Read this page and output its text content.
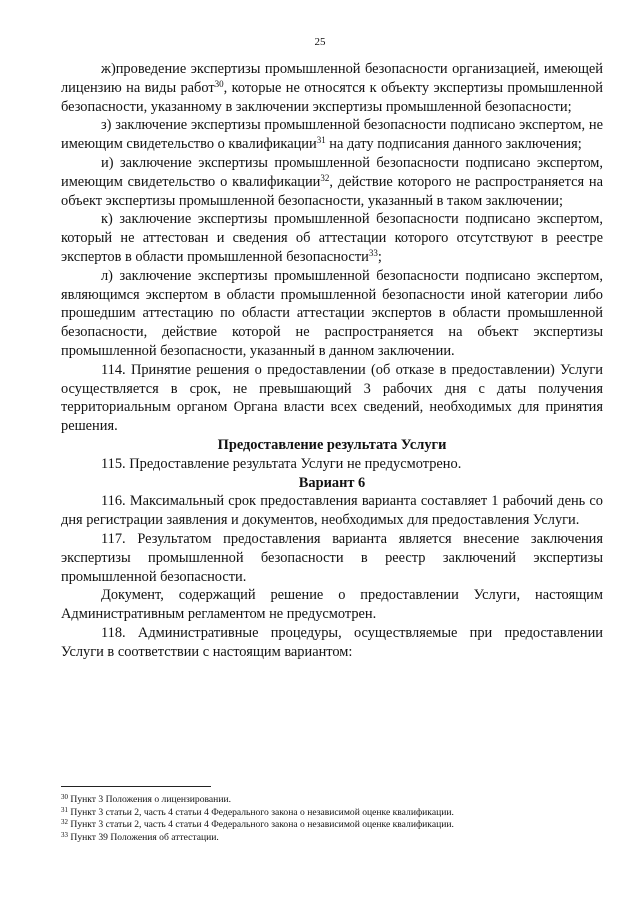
25

ж)проведение экспертизы промышленной безопасности организацией, имеющей лицензию на виды работ$^{30}$, которые не относятся к объекту экспертизы промышленной безопасности, указанному в заключении экспертизы промышленной безопасности;

з) заключение экспертизы промышленной безопасности подписано экспертом, не имеющим свидетельство о квалификации$^{31}$ на дату подписания данного заключения;

и) заключение экспертизы промышленной безопасности подписано экспертом, имеющим свидетельство о квалификации$^{32}$, действие которого не распространяется на объект экспертизы промышленной безопасности, указанный в таком заключении;

к) заключение экспертизы промышленной безопасности подписано экспертом, который не аттестован и сведения об аттестации которого отсутствуют в реестре экспертов в области промышленной безопасности$^{33}$;

л) заключение экспертизы промышленной безопасности подписано экспертом, являющимся экспертом в области промышленной безопасности иной категории либо прошедшим аттестацию по области аттестации экспертов в области промышленной безопасности, действие которой не распространяется на объект экспертизы промышленной безопасности, указанный в данном заключении.

114. Принятие решения о предоставлении (об отказе в предоставлении) Услуги осуществляется в срок, не превышающий 3 рабочих дня с даты получения территориальным органом Органа власти всех сведений, необходимых для принятия решения.

Предоставление результата Услуги

115. Предоставление результата Услуги не предусмотрено.

Вариант 6

116. Максимальный срок предоставления варианта составляет 1 рабочий день со дня регистрации заявления и документов, необходимых для предоставления Услуги.

117. Результатом предоставления варианта является внесение заключения экспертизы промышленной безопасности в реестр заключений экспертизы промышленной безопасности.

Документ, содержащий решение о предоставлении Услуги, настоящим Административным регламентом не предусмотрен.

118. Административные процедуры, осуществляемые при предоставлении Услуги в соответствии с настоящим вариантом:

$^{30}$ Пункт 3 Положения о лицензировании.
$^{31}$ Пункт 3 статьи 2, часть 4 статьи 4 Федерального закона о независимой оценке квалификации.
$^{32}$ Пункт 3 статьи 2, часть 4 статьи 4 Федерального закона о независимой оценке квалификации.
$^{33}$ Пункт 39 Положения об аттестации.
